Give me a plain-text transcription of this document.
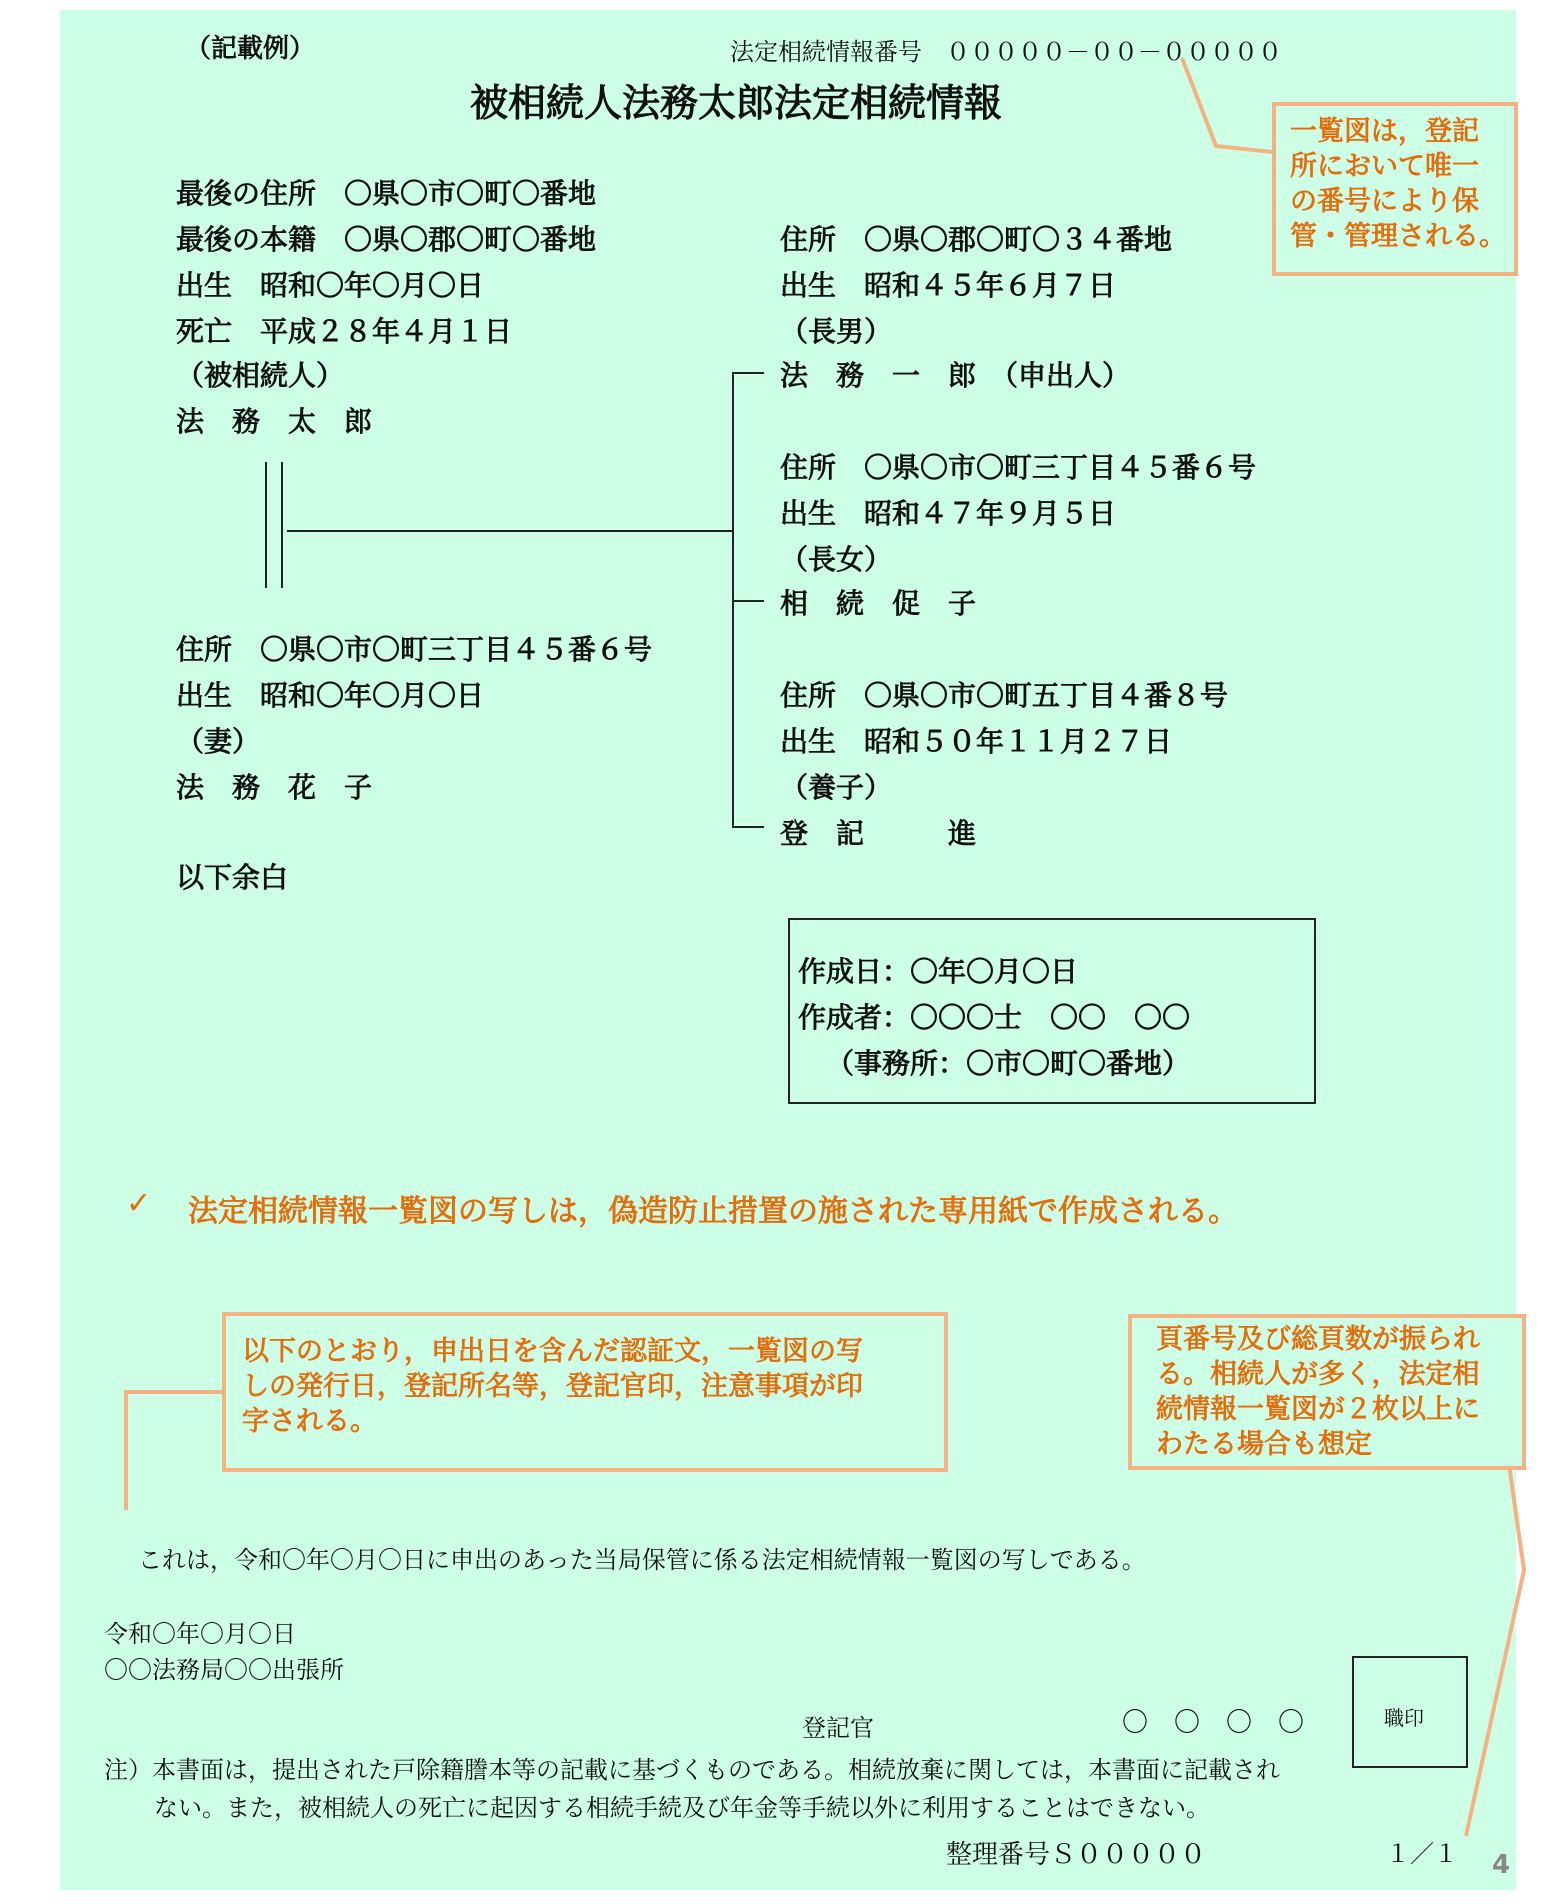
（記載例）	法定相続情報番号　０００００－００－０００００
被相続人法務太郎法定相続情報
最後の住所　〇県〇市〇町〇番地
最後の本籍　〇県〇郡〇町〇番地
出生　昭和〇年〇月〇日
死亡　平成２８年４月１日
（被相続人）
法　務　太　郎
住所　〇県〇市〇町三丁目４５番６号
出生　昭和〇年〇月〇日
（妻）
法　務　花　子
以下余白
住所　〇県〇郡〇町〇３４番地
出生　昭和４５年６月７日
（長男）
法　務　一　郎　（申出人）
住所　〇県〇市〇町三丁目４５番６号
出生　昭和４７年９月５日
（長女）
相　続　促　子
住所　〇県〇市〇町五丁目４番８号
出生　昭和５０年１１月２７日
（養子）
登　記　　　進
作成日：〇年〇月〇日
作成者：〇〇〇士　〇〇　〇〇
（事務所：〇市〇町〇番地）
一覧図は，登記
所において唯一
の番号により保
管・管理される。
✓ 法定相続情報一覧図の写しは，偽造防止措置の施された専用紙で作成される。
以下のとおり，申出日を含んだ認証文，一覧図の写
しの発行日，登記所名等，登記官印，注意事項が印
字される。
頁番号及び総頁数が振られ
る。相続人が多く，法定相
続情報一覧図が２枚以上に
わたる場合も想定
これは，令和〇年〇月〇日に申出のあった当局保管に係る法定相続情報一覧図の写しである。
令和〇年〇月〇日
〇〇法務局〇〇出張所
登記官	〇　〇　〇　〇	職印
注）本書面は，提出された戸除籍謄本等の記載に基づくものである。相続放棄に関しては，本書面に記載され
ない。また，被相続人の死亡に起因する相続手続及び年金等手続以外に利用することはできない。
整理番号Ｓ０００００	１／１ 4
